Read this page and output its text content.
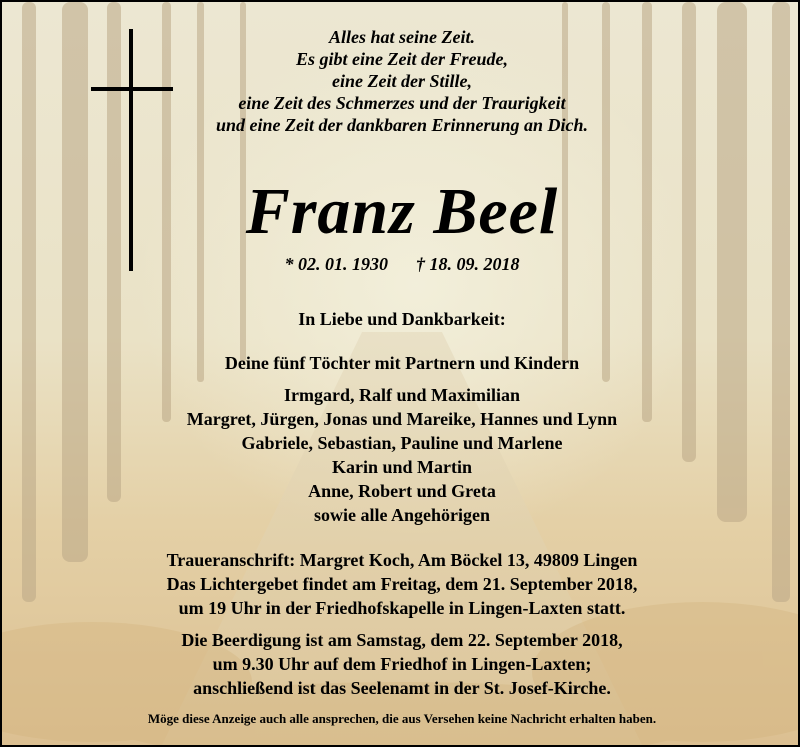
Alles hat seine Zeit.
Es gibt eine Zeit der Freude,
eine Zeit der Stille,
eine Zeit des Schmerzes und der Traurigkeit
und eine Zeit der dankbaren Erinnerung an Dich.
Franz Beel
* 02. 01. 1930 † 18. 09. 2018
In Liebe und Dankbarkeit:
Deine fünf Töchter mit Partnern und Kindern
Irmgard, Ralf und Maximilian
Margret, Jürgen, Jonas und Mareike, Hannes und Lynn
Gabriele, Sebastian, Pauline und Marlene
Karin und Martin
Anne, Robert und Greta
sowie alle Angehörigen
Traueranschrift: Margret Koch, Am Böckel 13, 49809 Lingen
Das Lichtergebet findet am Freitag, dem 21. September 2018,
um 19 Uhr in der Friedhofskapelle in Lingen-Laxten statt.
Die Beerdigung ist am Samstag, dem 22. September 2018,
um 9.30 Uhr auf dem Friedhof in Lingen-Laxten;
anschließend ist das Seelenamt in der St. Josef-Kirche.
Möge diese Anzeige auch alle ansprechen, die aus Versehen keine Nachricht erhalten haben.
